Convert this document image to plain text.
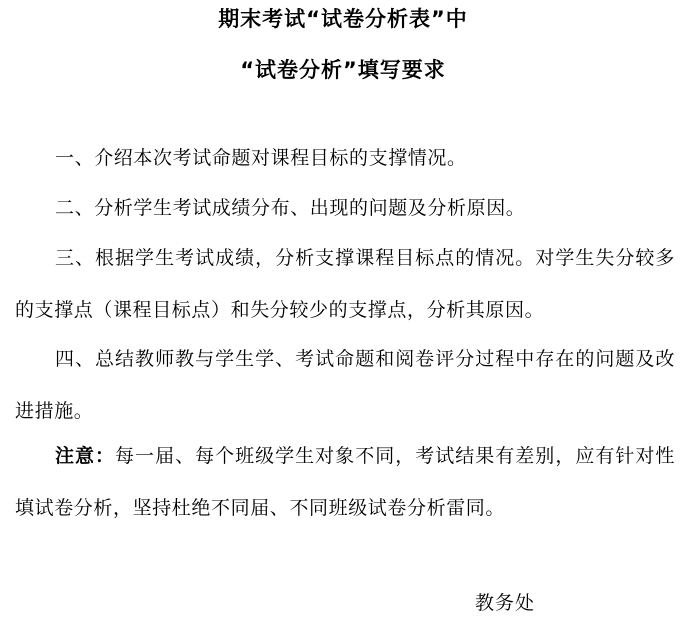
期末考试“试卷分析表”中
“试卷分析”填写要求
一、介绍本次考试命题对课程目标的支撑情况。
二、分析学生考试成绩分布、出现的问题及分析原因。
三、根据学生考试成绩，分析支撑课程目标点的情况。对学生失分较多的支撑点（课程目标点）和失分较少的支撑点，分析其原因。
四、总结教师教与学生学、考试命题和阅卷评分过程中存在的问题及改进措施。
注意：每一届、每个班级学生对象不同，考试结果有差别，应有针对性填试卷分析，坚持杜绝不同届、不同班级试卷分析雷同。
教务处
